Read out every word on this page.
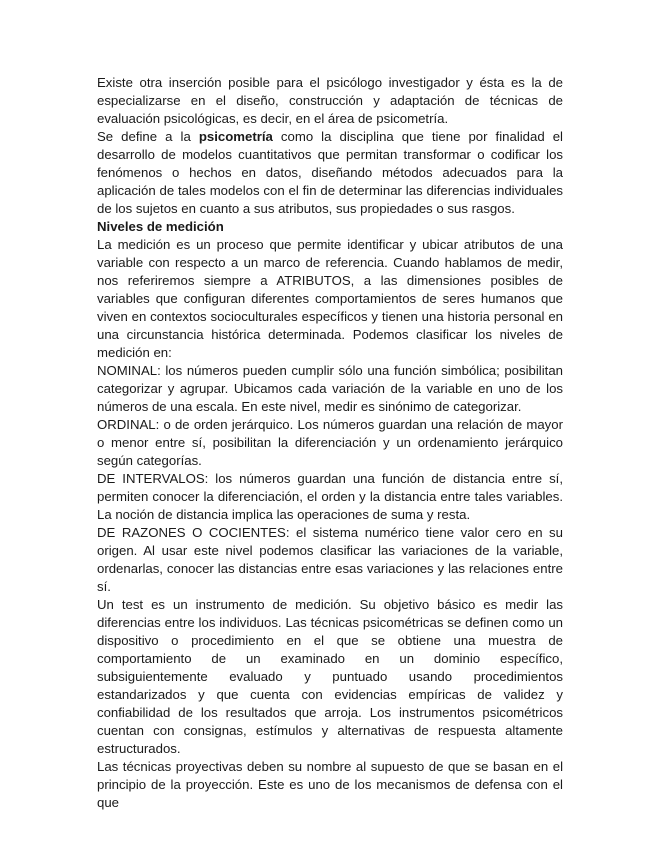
Existe otra inserción posible para el psicólogo investigador y ésta es la de especializarse en el diseño, construcción y adaptación de técnicas de evaluación psicológicas, es decir, en el área de psicometría.

Se define a la psicometría como la disciplina que tiene por finalidad el desarrollo de modelos cuantitativos que permitan transformar o codificar los fenómenos o hechos en datos, diseñando métodos adecuados para la aplicación de tales modelos con el fin de determinar las diferencias individuales de los sujetos en cuanto a sus atributos, sus propiedades o sus rasgos.

Niveles de medición

La medición es un proceso que permite identificar y ubicar atributos de una variable con respecto a un marco de referencia. Cuando hablamos de medir, nos referiremos siempre a ATRIBUTOS, a las dimensiones posibles de variables que configuran diferentes comportamientos de seres humanos que viven en contextos socioculturales específicos y tienen una historia personal en una circunstancia histórica determinada. Podemos clasificar los niveles de medición en:

NOMINAL: los números pueden cumplir sólo una función simbólica; posibilitan categorizar y agrupar. Ubicamos cada variación de la variable en uno de los números de una escala. En este nivel, medir es sinónimo de categorizar.

ORDINAL: o de orden jerárquico. Los números guardan una relación de mayor o menor entre sí, posibilitan la diferenciación y un ordenamiento jerárquico según categorías.

DE INTERVALOS: los números guardan una función de distancia entre sí, permiten conocer la diferenciación, el orden y la distancia entre tales variables. La noción de distancia implica las operaciones de suma y resta.

DE RAZONES O COCIENTES: el sistema numérico tiene valor cero en su origen. Al usar este nivel podemos clasificar las variaciones de la variable, ordenarlas, conocer las distancias entre esas variaciones y las relaciones entre sí.

Un test es un instrumento de medición. Su objetivo básico es medir las diferencias entre los individuos. Las técnicas psicométricas se definen como un dispositivo o procedimiento en el que se obtiene una muestra de comportamiento de un examinado en un dominio específico, subsiguientemente evaluado y puntuado usando procedimientos estandarizados y que cuenta con evidencias empíricas de validez y confiabilidad de los resultados que arroja. Los instrumentos psicométricos cuentan con consignas, estímulos y alternativas de respuesta altamente estructurados.

Las técnicas proyectivas deben su nombre al supuesto de que se basan en el principio de la proyección. Este es uno de los mecanismos de defensa con el que
